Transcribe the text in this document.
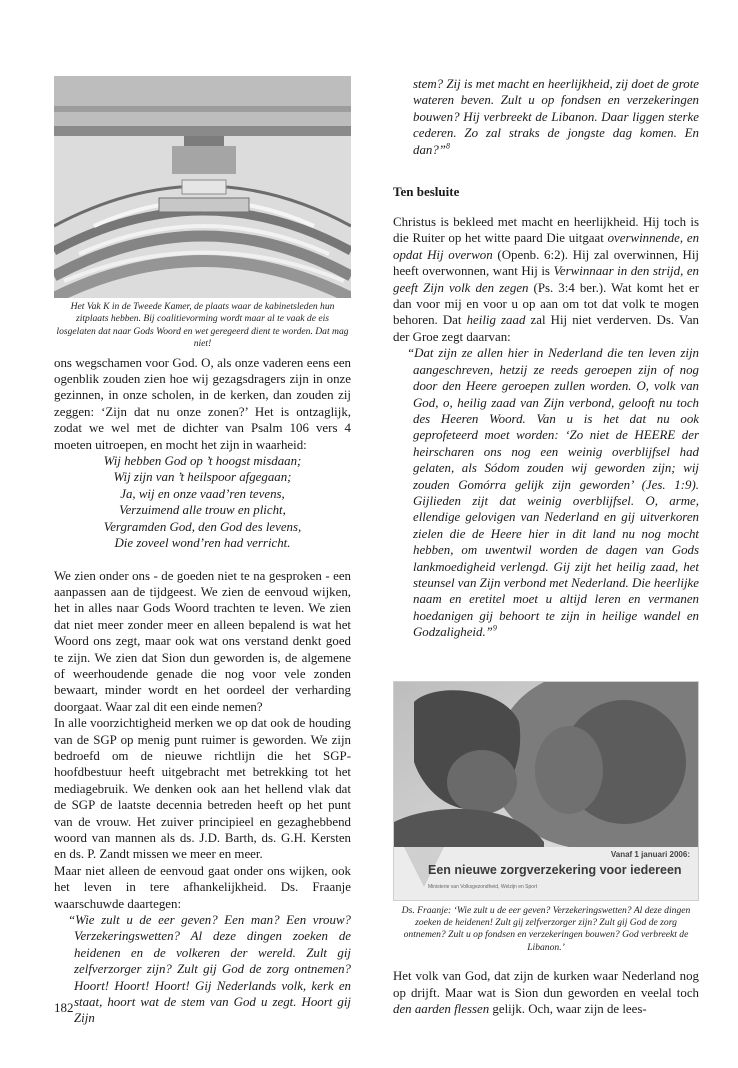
Het Vak K in de Tweede Kamer, de plaats waar de kabinetsleden hun zitplaats hebben. Bij coalitievorming wordt maar al te vaak de eis losgelaten dat naar Gods Woord en wet geregeerd dient te worden. Dat mag niet!

ons wegschamen voor God. O, als onze vaderen eens een ogenblik zouden zien hoe wij gezagsdragers zijn in onze gezinnen, in onze scholen, in de kerken, dan zouden zij zeggen: ‘Zijn dat nu onze zonen?’ Het is ontzaglijk, zodat we wel met de dichter van Psalm 106 vers 4 moeten uitroepen, en mocht het zijn in waarheid:

Wij hebben God op ’t hoogst misdaan;
Wij zijn van ’t heilspoor afgegaan;
Ja, wij en onze vaad’ren tevens,
Verzuimend alle trouw en plicht,
Vergramden God, den God des levens,
Die zoveel wond’ren had verricht.

We zien onder ons - de goeden niet te na gesproken - een aanpassen aan de tijdgeest. We zien de eenvoud wijken, het in alles naar Gods Woord trachten te leven. We zien dat niet meer zonder meer en alleen bepalend is wat het Woord ons zegt, maar ook wat ons verstand denkt goed te zijn. We zien dat Sion dun geworden is, de algemene of weerhoudende genade die nog voor vele zonden bewaart, minder wordt en het oordeel der verharding doorgaat. Waar zal dit een einde nemen?

In alle voorzichtigheid merken we op dat ook de houding van de SGP op menig punt ruimer is geworden. We zijn bedroefd om de nieuwe richtlijn die het SGP-hoofdbestuur heeft uitgebracht met betrekking tot het mediagebruik. We denken ook aan het hellend vlak dat de SGP de laatste decennia betreden heeft op het punt van de vrouw. Het zuiver principieel en gezaghebbend woord van mannen als ds. J.D. Barth, ds. G.H. Kersten en ds. P. Zandt missen we meer en meer.

Maar niet alleen de eenvoud gaat onder ons wijken, ook het leven in tere afhankelijkheid. Ds. Fraanje waarschuwde daartegen:

“Wie zult u de eer geven? Een man? Een vrouw? Verzekeringswetten? Al deze dingen zoeken de heidenen en de volkeren der wereld. Zult gij zelfverzorger zijn? Zult gij God de zorg ontnemen? Hoort! Hoort! Hoort! Gij Nederlands volk, kerk en staat, hoort wat de stem van God u zegt. Hoort gij Zijn

stem? Zij is met macht en heerlijkheid, zij doet de grote wateren beven. Zult u op fondsen en verzekeringen bouwen? Hij verbreekt de Libanon. Daar liggen sterke cederen. Zo zal straks de jongste dag komen. En dan?”$^8$

Ten besluite

Christus is bekleed met macht en heerlijkheid. Hij toch is die Ruiter op het witte paard Die uitgaat overwinnende, en opdat Hij overwon (Openb. 6:2). Hij zal overwinnen, Hij heeft overwonnen, want Hij is Verwinnaar in den strijd, en geeft Zijn volk den zegen (Ps. 3:4 ber.). Wat komt het er dan voor mij en voor u op aan om tot dat volk te mogen behoren. Dat heilig zaad zal Hij niet verderven. Ds. Van der Groe zegt daarvan:

“Dat zijn ze allen hier in Nederland die ten leven zijn aangeschreven, hetzij ze reeds geroepen zijn of nog door den Heere geroepen zullen worden. O, volk van God, o, heilig zaad van Zijn verbond, gelooft nu toch des Heeren Woord. Van u is het dat nu ook geprofeteerd moet worden: ‘Zo niet de HEERE der heirscharen ons nog een weinig overblijfsel had gelaten, als Sódom zouden wij geworden zijn; wij zouden Gomórra gelijk zijn geworden’ (Jes. 1:9). Gijlieden zijt dat weinig overblijfsel. O, arme, ellendige gelovigen van Nederland en gij uitverkoren zielen die de Heere hier in dit land nu nog mocht hebben, om uwentwil worden de dagen van Gods lankmoedigheid verlengd. Gij zijt het heilig zaad, het steunsel van Zijn verbond met Nederland. Die heerlijke naam en eretitel moet u altijd leren en vermanen hoedanigen gij behoort te zijn in heilige wandel en Godzaligheid.”$^9$

Vanaf 1 januari 2006:
Een nieuwe zorgverzekering voor iedereen
Ministerie van Volksgezondheid, Welzijn en Sport
Ds. Fraanje: ‘Wie zult u de eer geven? Verzekeringswetten? Al deze dingen zoeken de heidenen! Zult gij zelfverzorger zijn? Zult gij God de zorg ontnemen? Zult u op fondsen en verzekeringen bouwen? God verbreekt de Libanon.’

Het volk van God, dat zijn de kurken waar Nederland nog op drijft. Maar wat is Sion dun geworden en veelal toch den aarden flessen gelijk. Och, waar zijn de lees-

182
